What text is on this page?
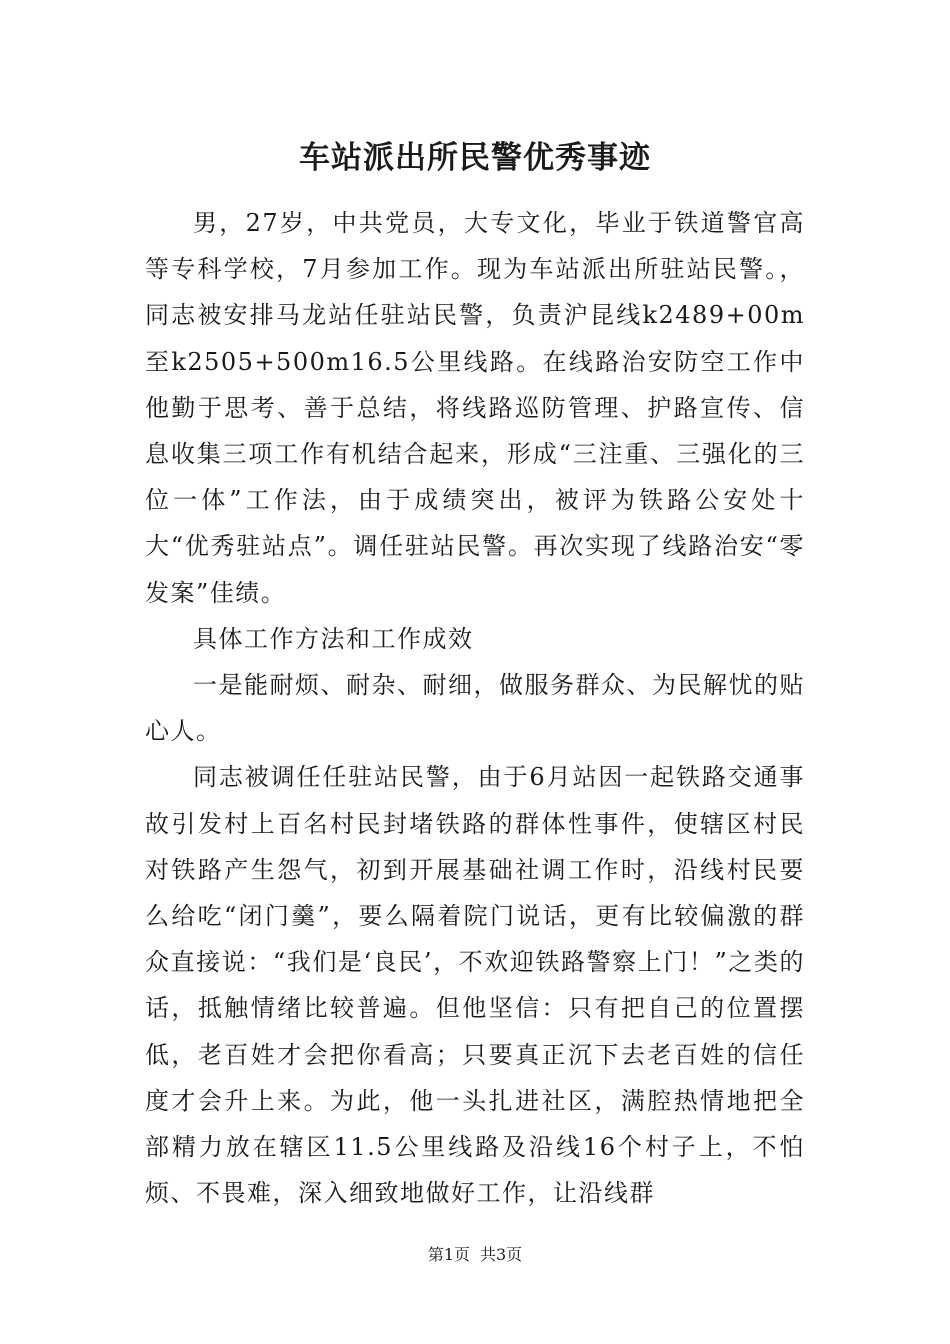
车站派出所民警优秀事迹

男，27岁，中共党员，大专文化，毕业于铁道警官高等专科学校，7月参加工作。现为车站派出所驻站民警。，同志被安排马龙站任驻站民警，负责沪昆线k2489+00m至k2505+500m16.5公里线路。在线路治安防空工作中他勤于思考、善于总结，将线路巡防管理、护路宣传、信息收集三项工作有机结合起来，形成“三注重、三强化的三位一体”工作法，由于成绩突出，被评为铁路公安处十大“优秀驻站点”。调任驻站民警。再次实现了线路治安“零发案”佳绩。

具体工作方法和工作成效

一是能耐烦、耐杂、耐细，做服务群众、为民解忧的贴心人。

同志被调任任驻站民警，由于6月站因一起铁路交通事故引发村上百名村民封堵铁路的群体性事件，使辖区村民对铁路产生怨气，初到开展基础社调工作时，沿线村民要么给吃“闭门羹”，要么隔着院门说话，更有比较偏激的群众直接说：“我们是‘良民’，不欢迎铁路警察上门！”之类的话，抵触情绪比较普遍。但他坚信：只有把自己的位置摆低，老百姓才会把你看高；只要真正沉下去老百姓的信任度才会升上来。为此，他一头扎进社区，满腔热情地把全部精力放在辖区11.5公里线路及沿线16个村子上，不怕烦、不畏难，深入细致地做好工作，让沿线群

第1页 共3页
